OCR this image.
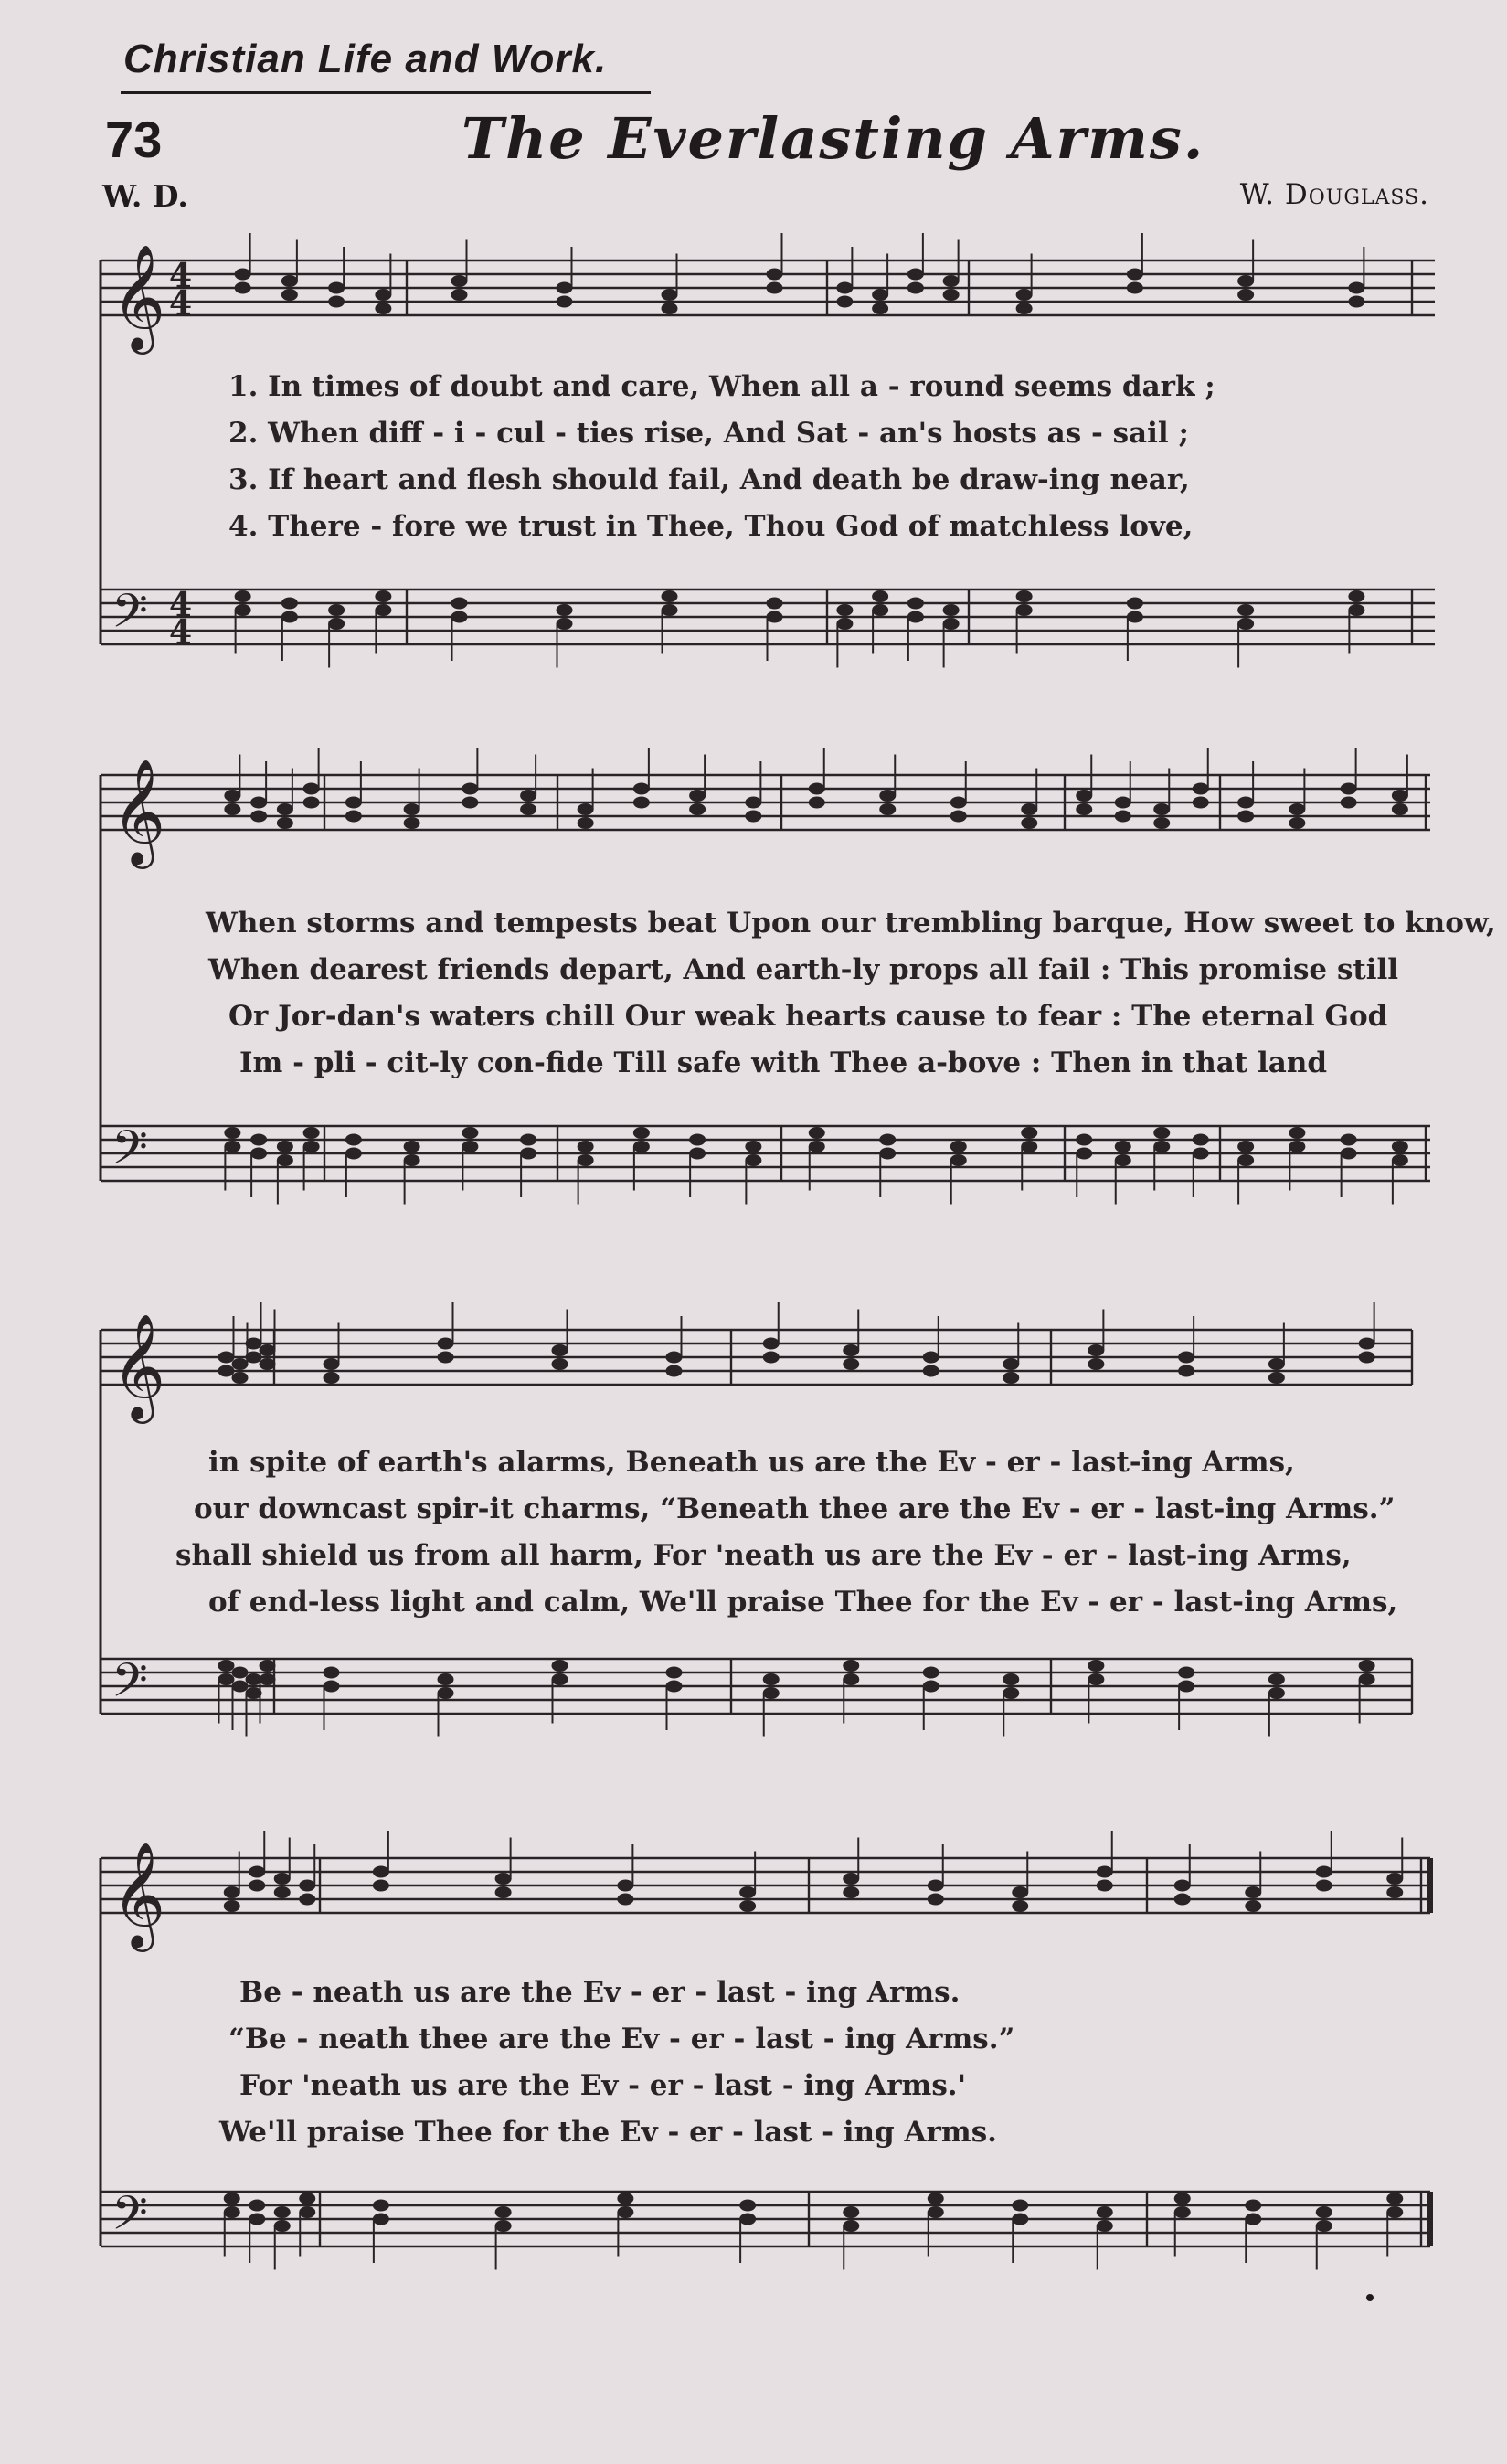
Christian Life and Work.
73	The Everlasting Arms.
W. D.	W. Douglass.
𝄞 4
4
𝄢 4
4
𝄞
𝄢
𝄞
𝄢
𝄞
𝄢
1. In times of doubt and care, When all a - round seems dark ;
2. When diff - i - cul - ties rise, And Sat - an's hosts as - sail ;
3. If heart and flesh should fail, And death be draw-ing near,
4. There - fore we trust in Thee, Thou God of matchless love,
When storms and tempests beat Upon our trembling barque, How sweet to know,
When dearest friends depart, And earth-ly props all fail : This promise still
Or Jor-dan's waters chill Our weak hearts cause to fear : The eternal God
Im - pli - cit-ly con-fide Till safe with Thee a-bove : Then in that land
in spite of earth's alarms, Beneath us are the Ev - er - last-ing Arms,
our downcast spir-it charms, “Beneath thee are the Ev - er - last-ing Arms.”
shall shield us from all harm, For 'neath us are the Ev - er - last-ing Arms,
of end-less light and calm, We'll praise Thee for the Ev - er - last-ing Arms,
Be - neath us are the Ev - er - last - ing Arms.
“Be - neath thee are the Ev - er - last - ing Arms.”
For 'neath us are the Ev - er - last - ing Arms.'
We'll praise Thee for the Ev - er - last - ing Arms.
